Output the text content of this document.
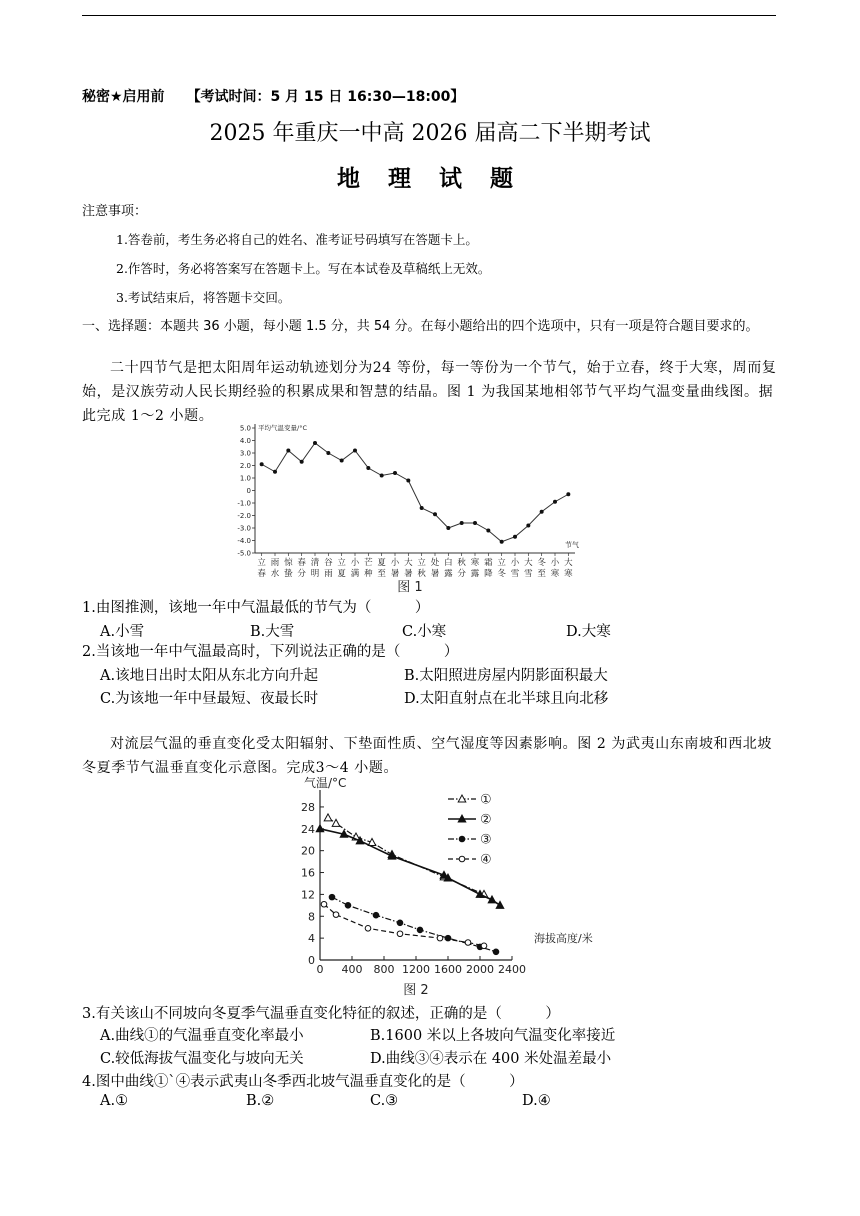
秘密★启用前 【考试时间：5 月 15 日 16:30—18:00】
2025 年重庆一中高 2026 届高二下半期考试
地 理 试 题
注意事项：
1.答卷前，考生务必将自己的姓名、准考证号码填写在答题卡上。
2.作答时，务必将答案写在答题卡上。写在本试卷及草稿纸上无效。
3.考试结束后，将答题卡交回。
一、选择题：本题共 36 小题，每小题 1.5 分，共 54 分。在每小题给出的四个选项中，只有一项是符合题目要求的。
二十四节气是把太阳周年运动轨迹划分为24 等份，每一等份为一个节气，始于立春，终于大寒，周而复始，是汉族劳动人民长期经验的积累成果和智慧的结晶。图 1 为我国某地相邻节气平均气温变量曲线图。据此完成 1～2 小题。
5.0
4.0
3.0
2.0
1.0
0
-1.0
-2.0
-3.0
-4.0
-5.0
平均气温变量/°C
节气
立
春
雨
水
惊
蛰
春
分
清
明
谷
雨
立
夏
小
满
芒
种
夏
至
小
暑
大
暑
立
秋
处
暑
白
露
秋
分
寒
露
霜
降
立
冬
小
雪
大
雪
冬
至
小
寒
大
寒
图 1
1.由图推测，该地一年中气温最低的节气为（　　　）
A.小雪	B.大雪	C.小寒	D.大寒
2.当该地一年中气温最高时，下列说法正确的是（　　　）
A.该地日出时太阳从东北方向升起	B.太阳照进房屋内阴影面积最大
C.为该地一年中昼最短、夜最长时	D.太阳直射点在北半球且向北移
对流层气温的垂直变化受太阳辐射、下垫面性质、空气湿度等因素影响。图 2 为武夷山东南坡和西北坡冬夏季节气温垂直变化示意图。完成3～4 小题。
气温/°C
0
4
8
12
16
20
24
28
0 400 800 1200 1600 2000 2400
海拔高度/米
①
②
③
④
图 2
3.有关该山不同坡向冬夏季气温垂直变化特征的叙述，正确的是（　　　）
A.曲线①的气温垂直变化率最小	B.1600 米以上各坡向气温变化率接近
C.较低海拔气温变化与坡向无关	D.曲线③④表示在 400 米处温差最小
4.图中曲线①`④表示武夷山冬季西北坡气温垂直变化的是（　　　）
A.①	B.②	C.③	D.④
